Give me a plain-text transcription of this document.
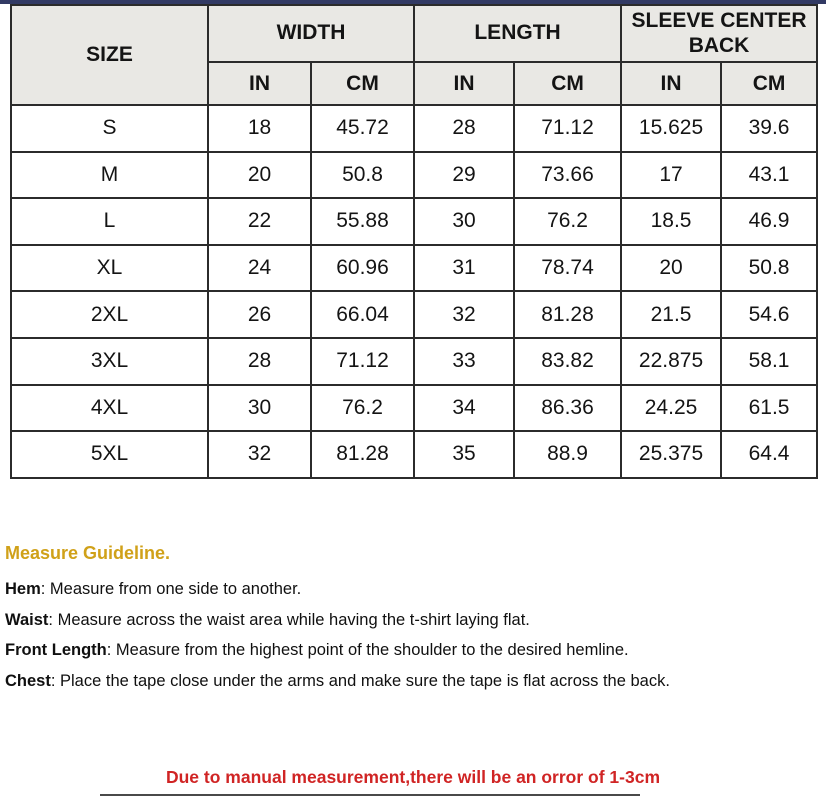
SIZE	WIDTH		LENGTH		SLEEVE CENTER BACK	
	IN	CM	IN	CM	IN	CM
S	18	45.72	28	71.12	15.625	39.6
M	20	50.8	29	73.66	17	43.1
L	22	55.88	30	76.2	18.5	46.9
XL	24	60.96	31	78.74	20	50.8
2XL	26	66.04	32	81.28	21.5	54.6
3XL	28	71.12	33	83.82	22.875	58.1
4XL	30	76.2	34	86.36	24.25	61.5
5XL	32	81.28	35	88.9	25.375	64.4
Measure Guideline.

Hem: Measure from one side to another.

Waist: Measure across the waist area while having the t-shirt laying flat.

Front Length: Measure from the highest point of the shoulder to the desired hemline.

Chest: Place the tape close under the arms and make sure the tape is flat across the back.

Due to manual measurement,there will be an orror of 1-3cm
